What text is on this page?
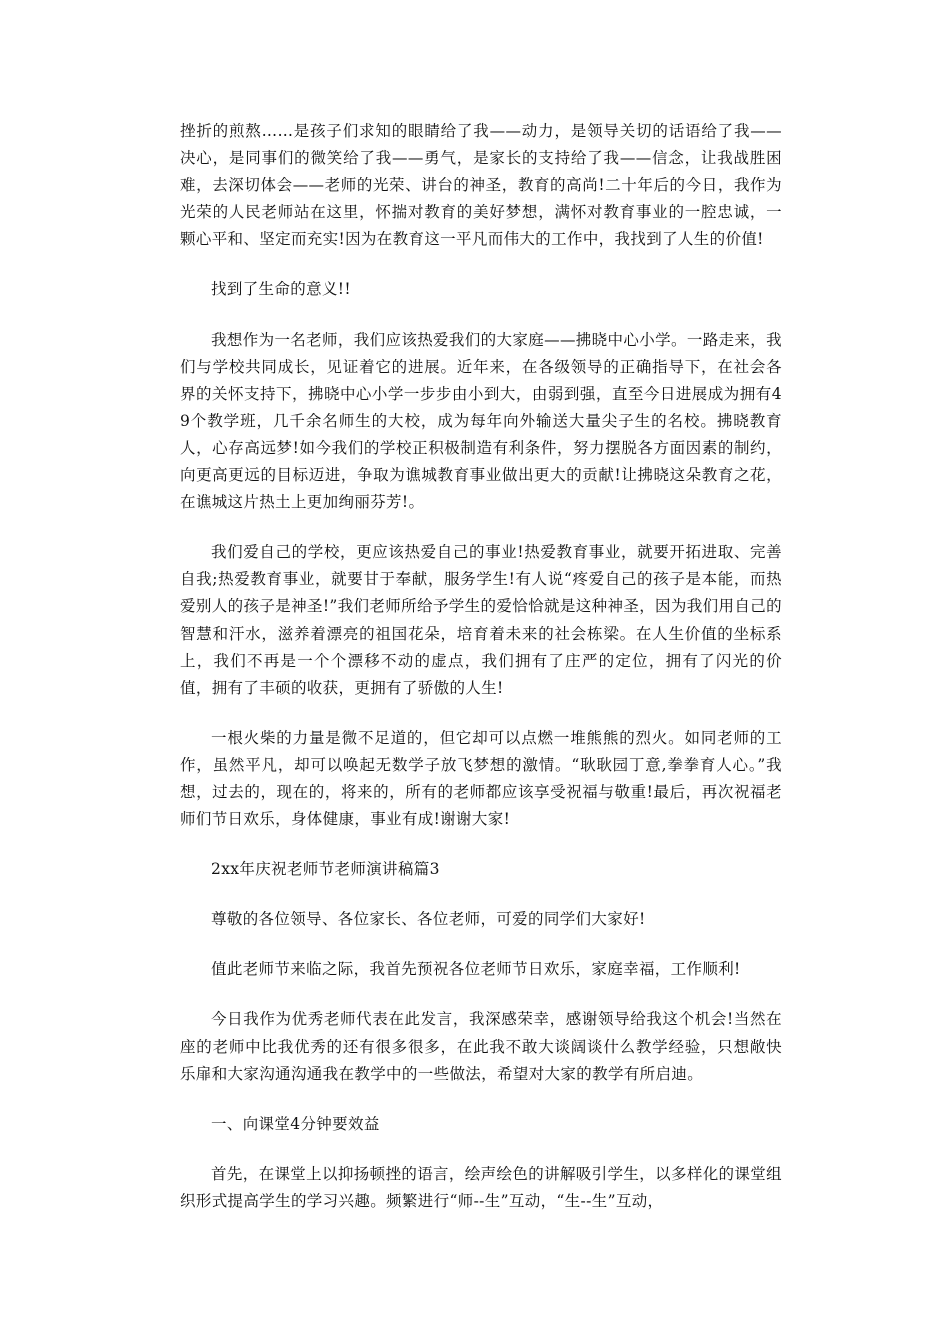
挫折的煎熬……是孩子们求知的眼睛给了我——动力，是领导关切的话语给了我——决心，是同事们的微笑给了我——勇气，是家长的支持给了我——信念，让我战胜困难，去深切体会——老师的光荣、讲台的神圣，教育的高尚!二十年后的今日，我作为光荣的人民老师站在这里，怀揣对教育的美好梦想，满怀对教育事业的一腔忠诚，一颗心平和、坚定而充实!因为在教育这一平凡而伟大的工作中，我找到了人生的价值!

找到了生命的意义!!

我想作为一名老师，我们应该热爱我们的大家庭——拂晓中心小学。一路走来，我们与学校共同成长，见证着它的进展。近年来，在各级领导的正确指导下，在社会各界的关怀支持下，拂晓中心小学一步步由小到大，由弱到强，直至今日进展成为拥有49个教学班，几千余名师生的大校，成为每年向外输送大量尖子生的名校。拂晓教育人，心存高远梦!如今我们的学校正积极制造有利条件，努力摆脱各方面因素的制约，向更高更远的目标迈进，争取为谯城教育事业做出更大的贡献!让拂晓这朵教育之花，在谯城这片热土上更加绚丽芬芳!。

我们爱自己的学校，更应该热爱自己的事业!热爱教育事业，就要开拓进取、完善自我;热爱教育事业，就要甘于奉献，服务学生!有人说“疼爱自己的孩子是本能，而热爱别人的孩子是神圣!”我们老师所给予学生的爱恰恰就是这种神圣，因为我们用自己的智慧和汗水，滋养着漂亮的祖国花朵，培育着未来的社会栋梁。在人生价值的坐标系上，我们不再是一个个漂移不动的虚点，我们拥有了庄严的定位，拥有了闪光的价值，拥有了丰硕的收获，更拥有了骄傲的人生!

一根火柴的力量是微不足道的，但它却可以点燃一堆熊熊的烈火。如同老师的工作，虽然平凡，却可以唤起无数学子放飞梦想的激情。“耿耿园丁意,拳拳育人心。”我想，过去的，现在的，将来的，所有的老师都应该享受祝福与敬重!最后，再次祝福老师们节日欢乐，身体健康，事业有成!谢谢大家!

2xx年庆祝老师节老师演讲稿篇3

尊敬的各位领导、各位家长、各位老师，可爱的同学们大家好!

值此老师节来临之际，我首先预祝各位老师节日欢乐，家庭幸福，工作顺利!

今日我作为优秀老师代表在此发言，我深感荣幸，感谢领导给我这个机会!当然在座的老师中比我优秀的还有很多很多，在此我不敢大谈阔谈什么教学经验，只想敞快乐扉和大家沟通沟通我在教学中的一些做法，希望对大家的教学有所启迪。

一、向课堂4分钟要效益

首先，在课堂上以抑扬顿挫的语言，绘声绘色的讲解吸引学生，以多样化的课堂组织形式提高学生的学习兴趣。频繁进行“师--生”互动，“生--生”互动，
